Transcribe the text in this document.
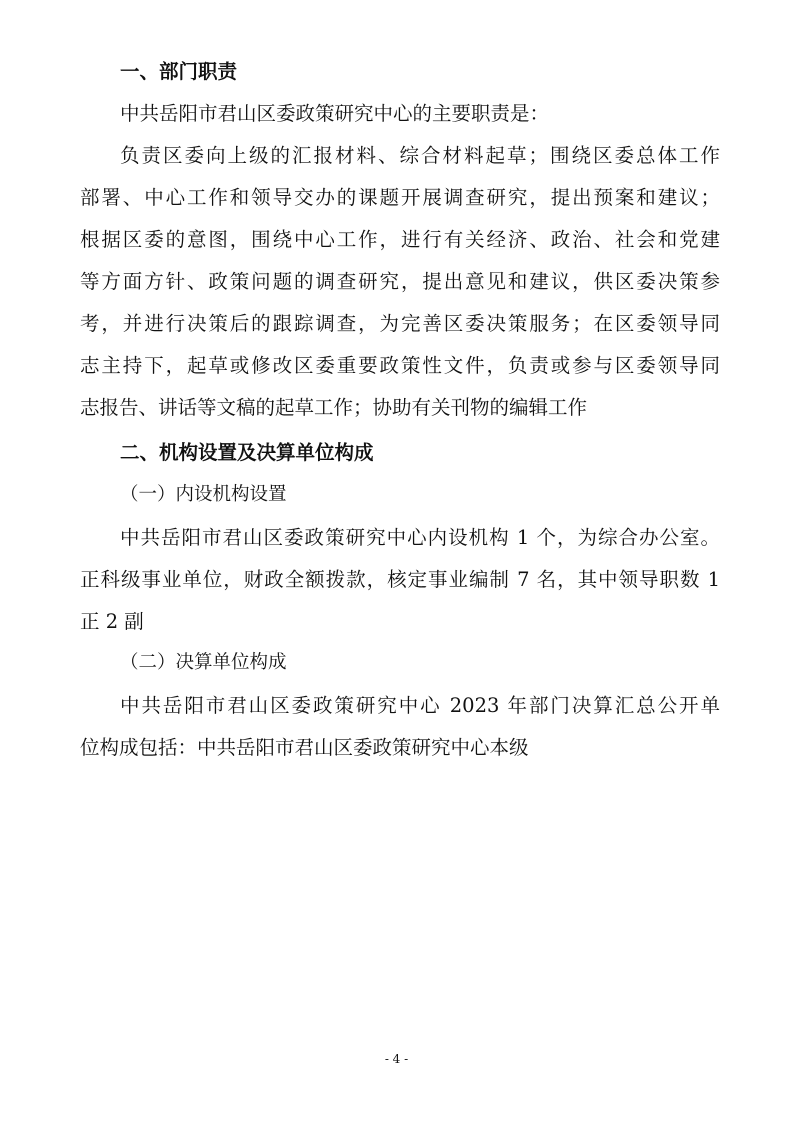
一、部门职责
中共岳阳市君山区委政策研究中心的主要职责是：
负责区委向上级的汇报材料、综合材料起草；围绕区委总体工作
部署、中心工作和领导交办的课题开展调查研究，提出预案和建议；
根据区委的意图，围绕中心工作，进行有关经济、政治、社会和党建
等方面方针、政策问题的调查研究，提出意见和建议，供区委决策参
考，并进行决策后的跟踪调查，为完善区委决策服务；在区委领导同
志主持下，起草或修改区委重要政策性文件，负责或参与区委领导同
志报告、讲话等文稿的起草工作；协助有关刊物的编辑工作
二、机构设置及决算单位构成
（一）内设机构设置
中共岳阳市君山区委政策研究中心内设机构 1 个，为综合办公室。
正科级事业单位，财政全额拨款，核定事业编制 7 名，其中领导职数 1
正 2 副
（二）决算单位构成
中共岳阳市君山区委政策研究中心 2023 年部门决算汇总公开单
位构成包括：中共岳阳市君山区委政策研究中心本级
- 4 -
